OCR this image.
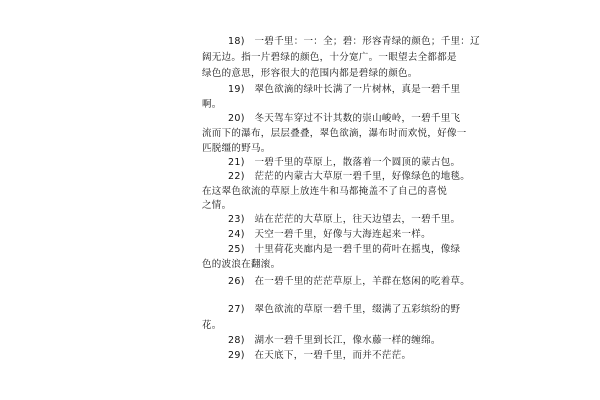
18)　一碧千里：一：全；碧：形容青绿的颜色；千里：辽
阔无边。指一片碧绿的颜色，十分宽广。一眼望去全都都是
绿色的意思，形容很大的范围内都是碧绿的颜色。
19)　翠色欲滴的绿叶长满了一片树林，真是一碧千里
啊。
20)　冬天驾车穿过不计其数的崇山峻岭，一碧千里飞
流而下的瀑布，层层叠叠，翠色欲滴，瀑布时而欢悦，好像一
匹脱缰的野马。
21)　一碧千里的草原上，散落着一个圆顶的蒙古包。
22)　茫茫的内蒙古大草原一碧千里，好像绿色的地毯。
在这翠色欲流的草原上放连牛和马都掩盖不了自己的喜悦
之情。
23)　站在茫茫的大草原上，往天边望去，一碧千里。
24)　天空一碧千里，好像与大海连起来一样。
25)　十里荷花夹廊内是一碧千里的荷叶在摇曳，像绿
色的波浪在翻滚。
26)　在一碧千里的茫茫草原上，羊群在悠闲的吃着草。
27)　翠色欲流的草原一碧千里，缀满了五彩缤纷的野
花。
28)　湖水一碧千里到长江，像水藤一样的缠绵。
29)　在天底下，一碧千里，而并不茫茫。
